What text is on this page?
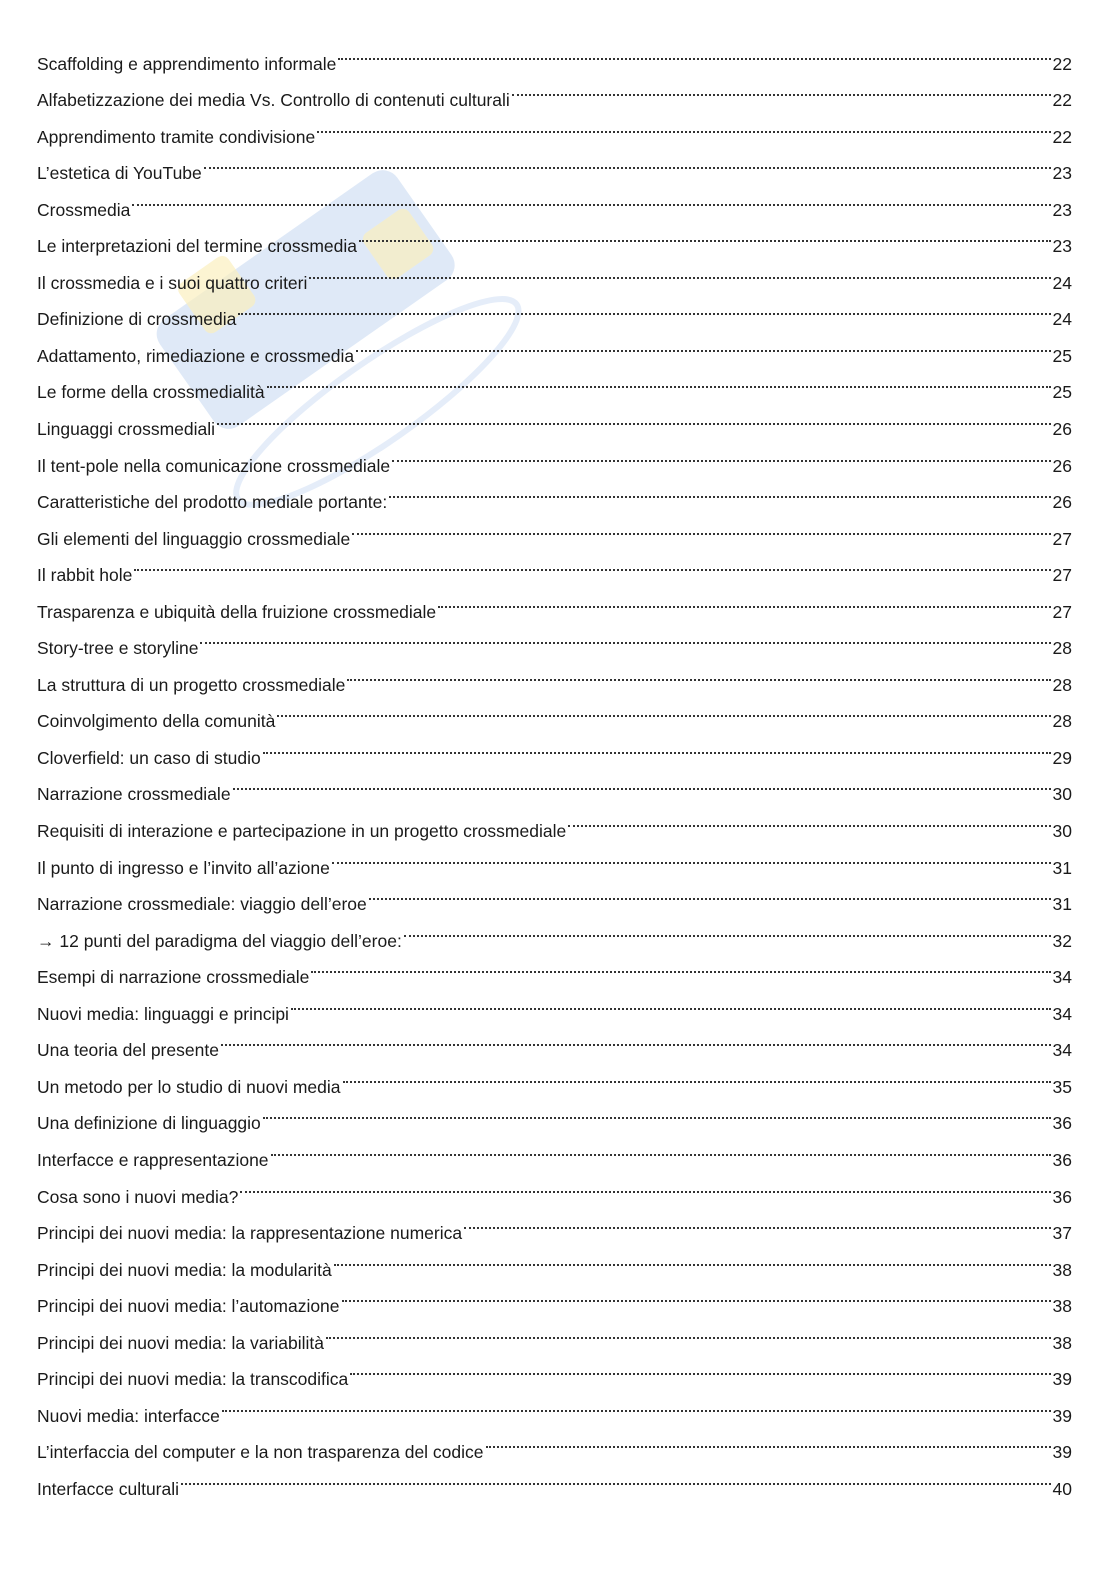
Scaffolding e apprendimento informale	22
Alfabetizzazione dei media Vs. Controllo di contenuti culturali	22
Apprendimento tramite condivisione	22
L’estetica di YouTube	23
Crossmedia	23
Le interpretazioni del termine crossmedia	23
Il crossmedia e i suoi quattro criteri	24
Definizione di crossmedia	24
Adattamento, rimediazione e crossmedia	25
Le forme della crossmedialità	25
Linguaggi crossmediali	26
Il tent-pole nella comunicazione crossmediale	26
Caratteristiche del prodotto mediale portante:	26
Gli elementi del linguaggio crossmediale	27
Il rabbit hole	27
Trasparenza e ubiquità della fruizione crossmediale	27
Story-tree e storyline	28
La struttura di un progetto crossmediale	28
Coinvolgimento della comunità	28
Cloverfield: un caso di studio	29
Narrazione crossmediale	30
Requisiti di interazione e partecipazione in un progetto crossmediale	30
Il punto di ingresso e l’invito all’azione	31
Narrazione crossmediale: viaggio dell’eroe	31
→ 12 punti del paradigma del viaggio dell’eroe:	32
Esempi di narrazione crossmediale	34
Nuovi media: linguaggi e principi	34
Una teoria del presente	34
Un metodo per lo studio di nuovi media	35
Una definizione di linguaggio	36
Interfacce e rappresentazione	36
Cosa sono i nuovi media?	36
Principi dei nuovi media: la rappresentazione numerica	37
Principi dei nuovi media: la modularità	38
Principi dei nuovi media: l’automazione	38
Principi dei nuovi media: la variabilità	38
Principi dei nuovi media: la transcodifica	39
Nuovi media: interfacce	39
L’interfaccia del computer e la non trasparenza del codice	39
Interfacce culturali	40
